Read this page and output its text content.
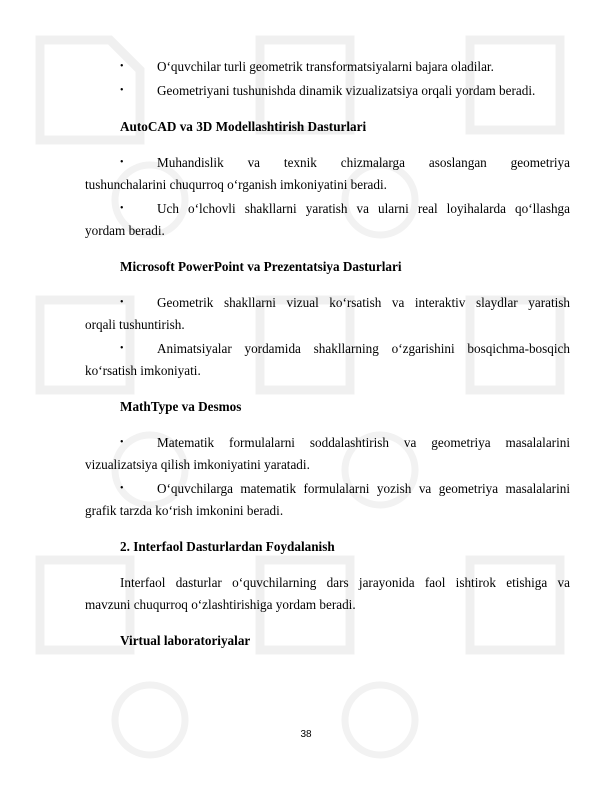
•	O‘quvchilar turli geometrik transformatsiyalarni bajara oladilar.
•	Geometriyani tushunishda dinamik vizualizatsiya orqali yordam beradi.
AutoCAD va 3D Modellashtirish Dasturlari
•	Muhandislik va texnik chizmalarga asoslangan geometriya

tushunchalarini chuqurroq o‘rganish imkoniyatini beradi.

•	Uch o‘lchovli shakllarni yaratish va ularni real loyihalarda qo‘llashga

yordam beradi.

Microsoft PowerPoint va Prezentatsiya Dasturlari
•	Geometrik shakllarni vizual ko‘rsatish va interaktiv slaydlar yaratish

orqali tushuntirish.

•	Animatsiyalar yordamida shakllarning o‘zgarishini bosqichma-bosqich

ko‘rsatish imkoniyati.

MathType va Desmos
•	Matematik formulalarni soddalashtirish va geometriya masalalarini

vizualizatsiya qilish imkoniyatini yaratadi.

•	O‘quvchilarga matematik formulalarni yozish va geometriya masalalarini

grafik tarzda ko‘rish imkonini beradi.

2. Interfaol Dasturlardan Foydalanish
Interfaol dasturlar o‘quvchilarning dars jarayonida faol ishtirok etishiga va

mavzuni chuqurroq o‘zlashtirishiga yordam beradi.

Virtual laboratoriyalar
38
